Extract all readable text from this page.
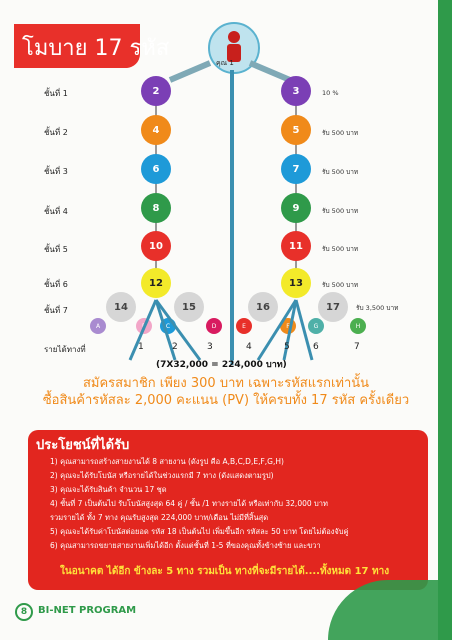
โมบาย 17 รหัส
คุณ 1
ชั้นที่ 1
ชั้นที่ 2
ชั้นที่ 3
ชั้นที่ 4
ชั้นที่ 5
ชั้นที่ 6
ชั้นที่ 7
2
4
6
8
10
12
3
5
7
9
11
13
10 %
รับ 500 บาท
รับ 500 บาท
รับ 500 บาท
รับ 500 บาท
รับ 500 บาท
รับ 3,500 บาท
14	15	16	17
A	B	C	D	E	F	G	H
รายได้ทางที่	1	2	3	4	5	6	7
(7X32,000 = 224,000 บาท)
สมัครสมาชิก เพียง 300 บาท เฉพาะรหัสแรกเท่านั้น
ซื้อสินค้ารหัสละ 2,000 คะแนน (PV) ให้ครบทั้ง 17 รหัส ครั้งเดียว
ประโยชน์ที่ได้รับ
1) คุณสามารถสร้างสายงานได้ 8 สายงาน (ดังรูป คือ A,B,C,D,E,F,G,H)
2) คุณจะได้รับโบนัส หรือรายได้ในช่วงแรกมี 7 ทาง (ดังแสดงตามรูป)
3) คุณจะได้รับสินค้า จำนวน 17 ชุด
4) ชั้นที่ 7 เป็นต้นไป รับโบนัสสูงสุด 64 คู่ / ชั้น /1 ทางรายได้ หรือเท่ากับ 32,000 บาท
รวมรายได้ ทั้ง 7 ทาง คุณรับสูงสุด 224,000 บาท/เดือน ไม่มีที่สิ้นสุด
5) คุณจะได้รับค่าโบนัสต่อยอด รหัส 18 เป็นต้นไป เพิ่มขึ้นอีก รหัสละ 50 บาท โดยไม่ต้องจับคู่
6) คุณสามารถขยายสายงานเพิ่มได้อีก ตั้งแต่ชั้นที่ 1-5 ที่ของคุณทั้งข้างซ้าย และขวา
ในอนาคต ได้อีก ข้างละ 5 ทาง รวมเป็น ทางที่จะมีรายได้....ทั้งหมด 17 ทาง
8	BI-NET PROGRAM
